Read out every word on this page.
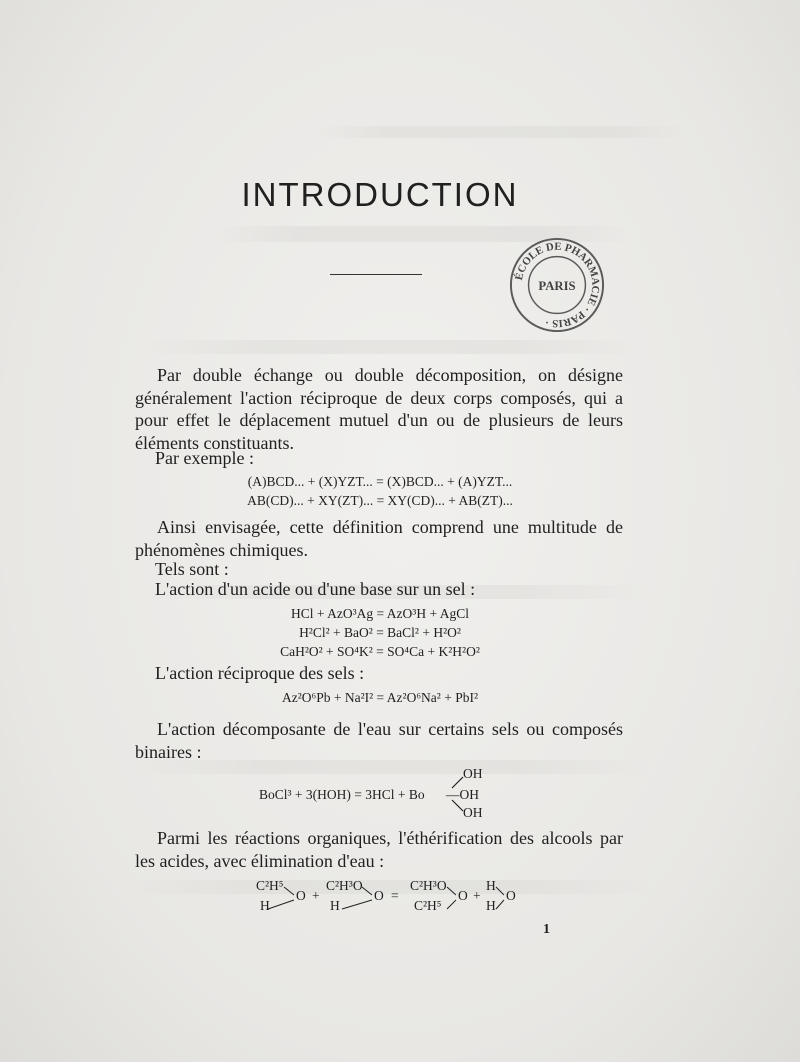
INTRODUCTION
ÉCOLE DE PHARMACIE · PARIS ·
PARIS
Par double échange ou double décomposition, on désigne généralement l'action réciproque de deux corps composés, qui a pour effet le déplacement mutuel d'un ou de plusieurs de leurs éléments constituants.
Par exemple :
(A)BCD... + (X)YZT... = (X)BCD... + (A)YZT...
AB(CD)... + XY(ZT)... = XY(CD)... + AB(ZT)...
Ainsi envisagée, cette définition comprend une multitude de phénomènes chimiques.
Tels sont :
L'action d'un acide ou d'une base sur un sel :
HCl + AzO³Ag = AzO³H + AgCl
H²Cl² + BaO² = BaCl² + H²O²
CaH²O² + SO⁴K² = SO⁴Ca + K²H²O²
L'action réciproque des sels :
Az²O⁶Pb + Na²I² = Az²O⁶Na² + PbI²
L'action décomposante de l'eau sur certains sels ou composés binaires :
BoCl³ + 3(HOH) = 3HCl + Bo
OH
—OH
OH
Parmi les réactions organiques, l'éthérification des alcools par les acides, avec élimination d'eau :
C²H⁵
H
O +
C²H³O
H
O =
C²H³O
C²H⁵
O +
H
H
O
1
